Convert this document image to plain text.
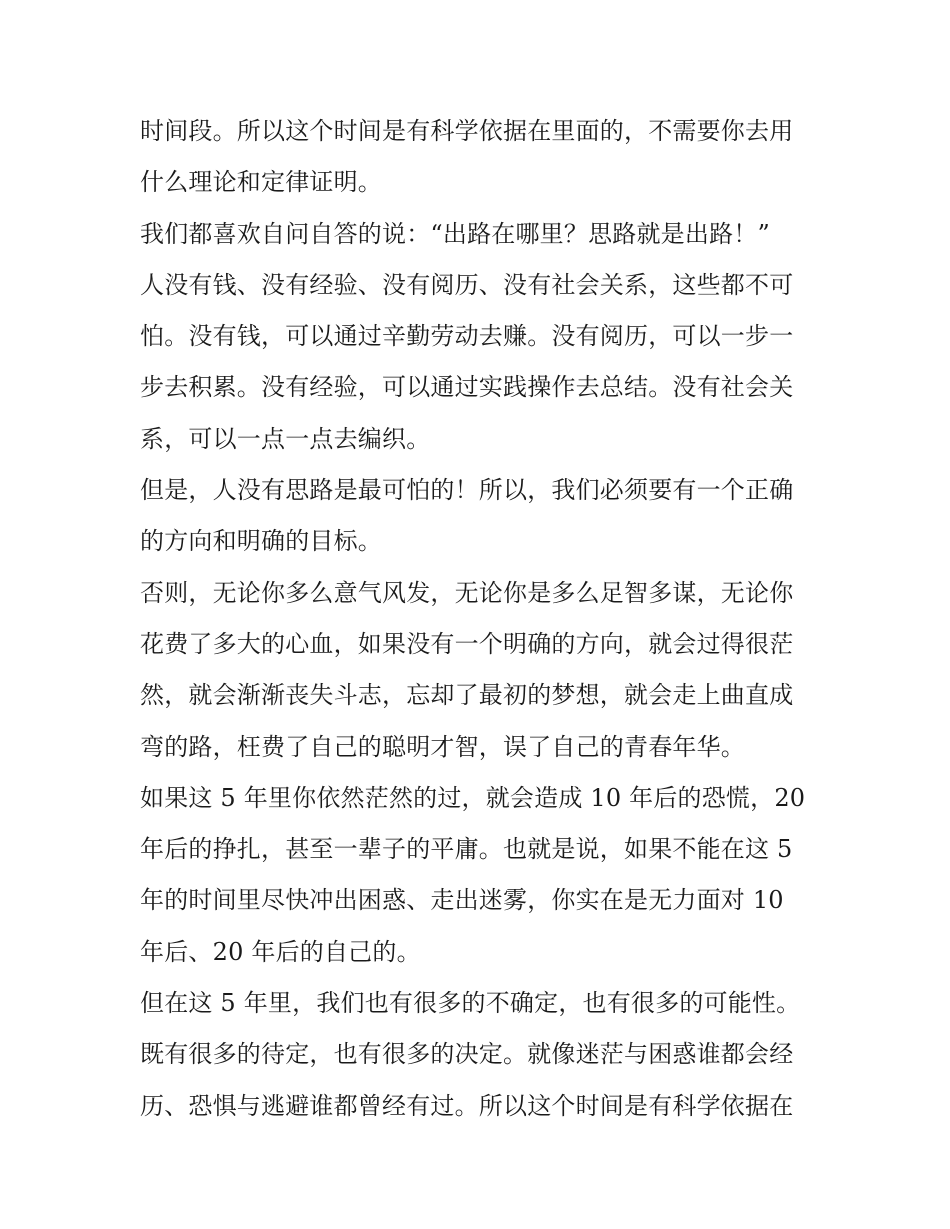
时间段。所以这个时间是有科学依据在里面的，不需要你去用
什么理论和定律证明。
我们都喜欢自问自答的说：“出路在哪里？思路就是出路！”
人没有钱、没有经验、没有阅历、没有社会关系，这些都不可
怕。没有钱，可以通过辛勤劳动去赚。没有阅历，可以一步一
步去积累。没有经验，可以通过实践操作去总结。没有社会关
系，可以一点一点去编织。
但是，人没有思路是最可怕的！所以，我们必须要有一个正确
的方向和明确的目标。
否则，无论你多么意气风发，无论你是多么足智多谋，无论你
花费了多大的心血，如果没有一个明确的方向，就会过得很茫
然，就会渐渐丧失斗志，忘却了最初的梦想，就会走上曲直成
弯的路，枉费了自己的聪明才智，误了自己的青春年华。
如果这 5 年里你依然茫然的过，就会造成 10 年后的恐慌，20
年后的挣扎，甚至一辈子的平庸。也就是说，如果不能在这 5
年的时间里尽快冲出困惑、走出迷雾，你实在是无力面对 10
年后、20 年后的自己的。
但在这 5 年里，我们也有很多的不确定，也有很多的可能性。
既有很多的待定，也有很多的决定。就像迷茫与困惑谁都会经
历、恐惧与逃避谁都曾经有过。所以这个时间是有科学依据在
